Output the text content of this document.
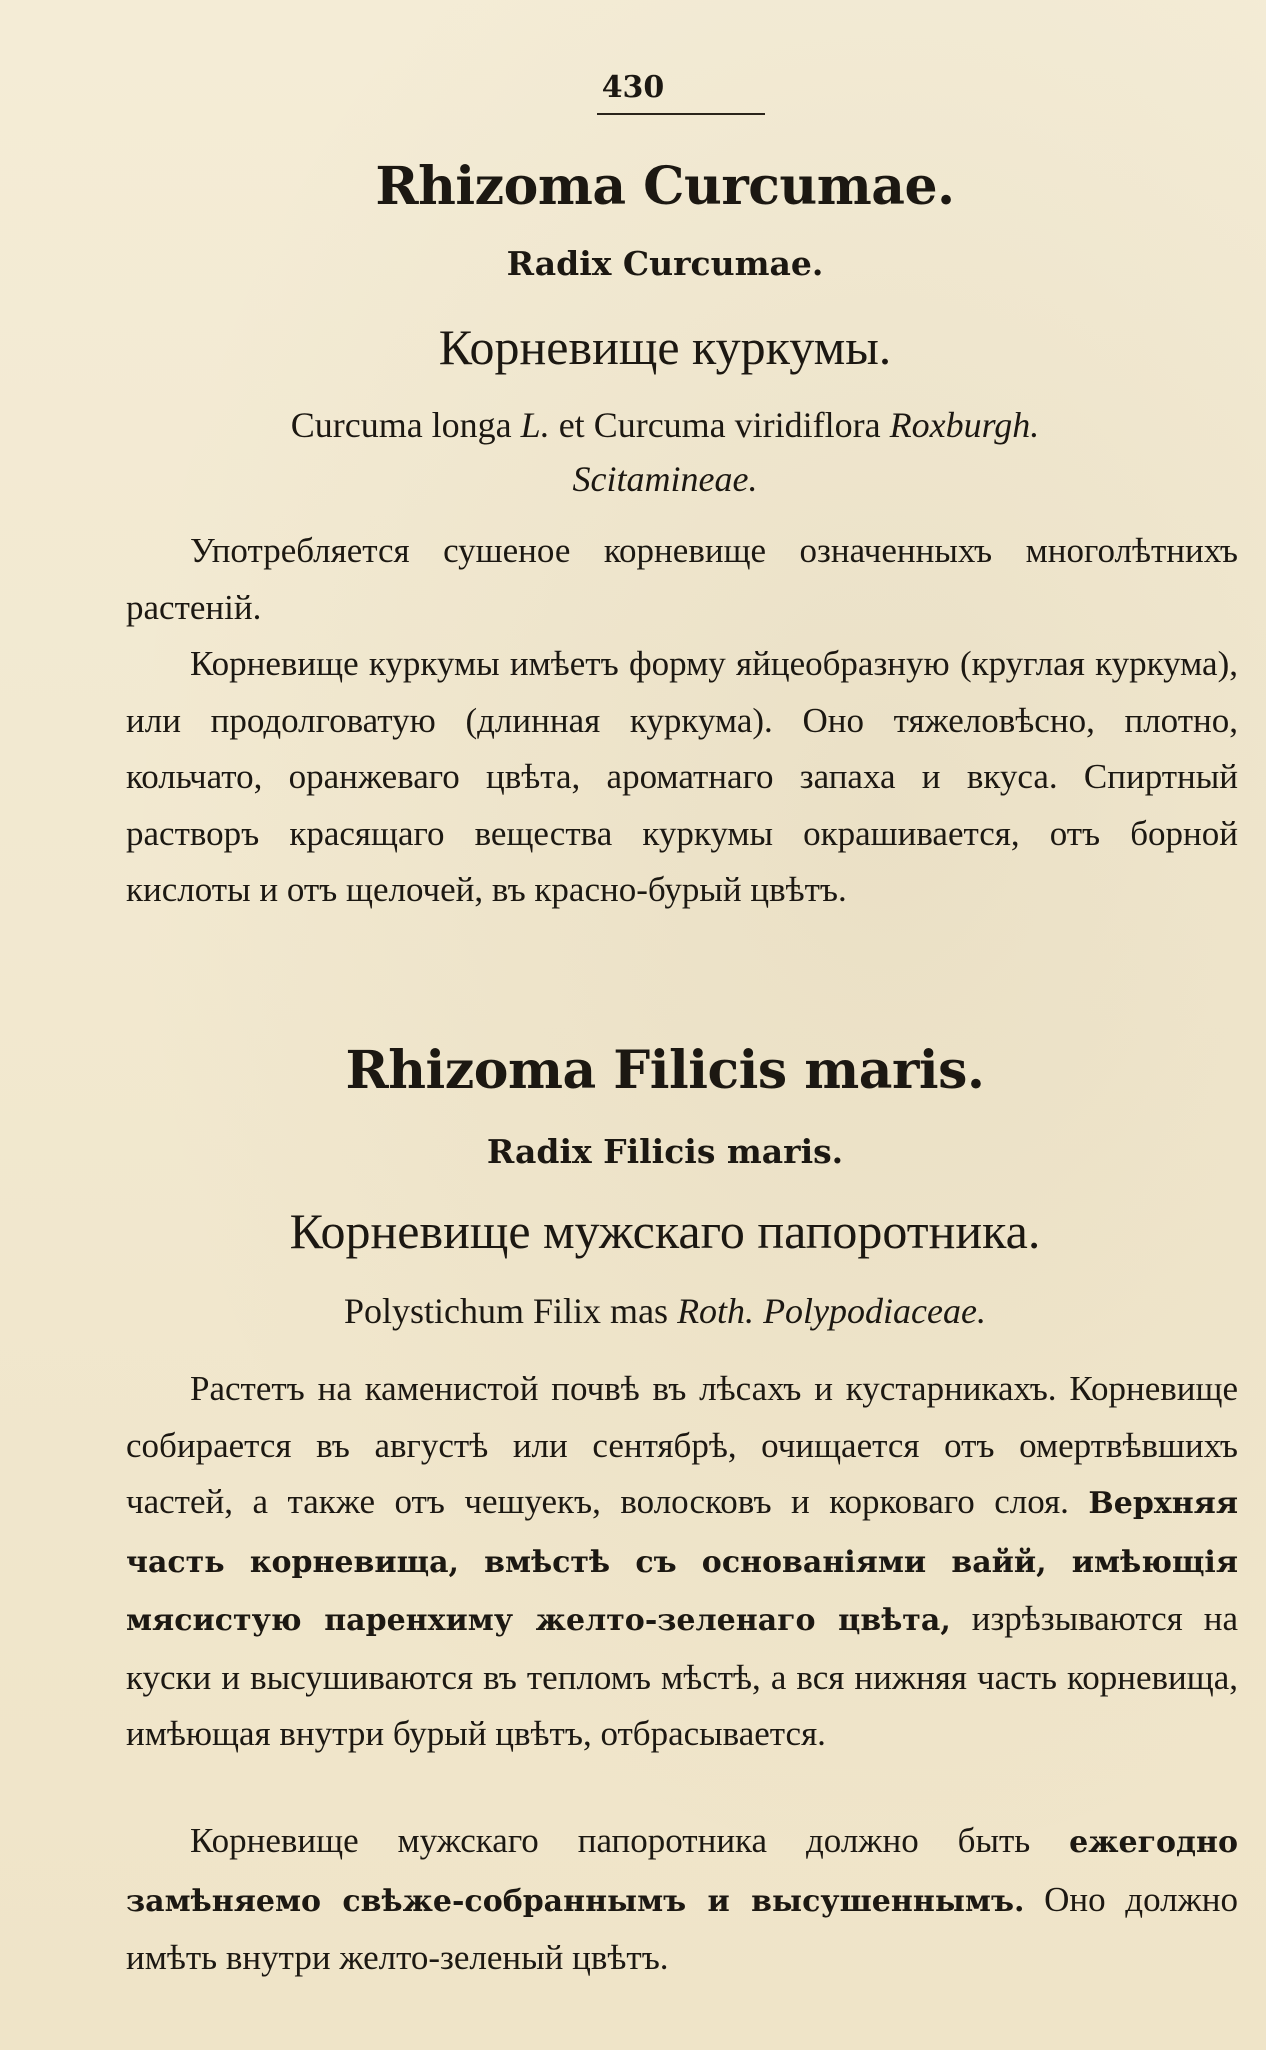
430
Rhizoma Curcumae.
Radix Curcumae.
Корневище куркумы.
Curcuma longa L. et Curcuma viridiflora Roxburgh.
Scitamineae.

Употребляется сушеное корневище означенныхъ многолѣтнихъ растеній.

Корневище куркумы имѣетъ форму яйцеобразную (круглая куркума), или продолговатую (длинная куркума). Оно тяжеловѣсно, плотно, кольчато, оранжеваго цвѣта, ароматнаго запаха и вкуса. Спиртный растворъ красящаго вещества куркумы окрашивается, отъ борной кислоты и отъ щелочей, въ красно-бурый цвѣтъ.

Rhizoma Filicis maris.
Radix Filicis maris.
Корневище мужскаго папоротника.
Polystichum Filix mas Roth. Polypodiaceae.

Растетъ на каменистой почвѣ въ лѣсахъ и кустарникахъ. Корневище собирается въ августѣ или сентябрѣ, очищается отъ омертвѣвшихъ частей, а также отъ чешуекъ, волосковъ и корковаго слоя. Верхняя часть корневища, вмѣстѣ съ основаніями вайй, имѣющія мясистую паренхиму желто-зеленаго цвѣта, изрѣзываются на куски и высушиваются въ тепломъ мѣстѣ, а вся нижняя часть корневища, имѣющая внутри бурый цвѣтъ, отбрасывается.

Корневище мужскаго папоротника должно быть ежегодно замѣняемо свѣже-собраннымъ и высушеннымъ. Оно должно имѣть внутри желто-зеленый цвѣтъ.
